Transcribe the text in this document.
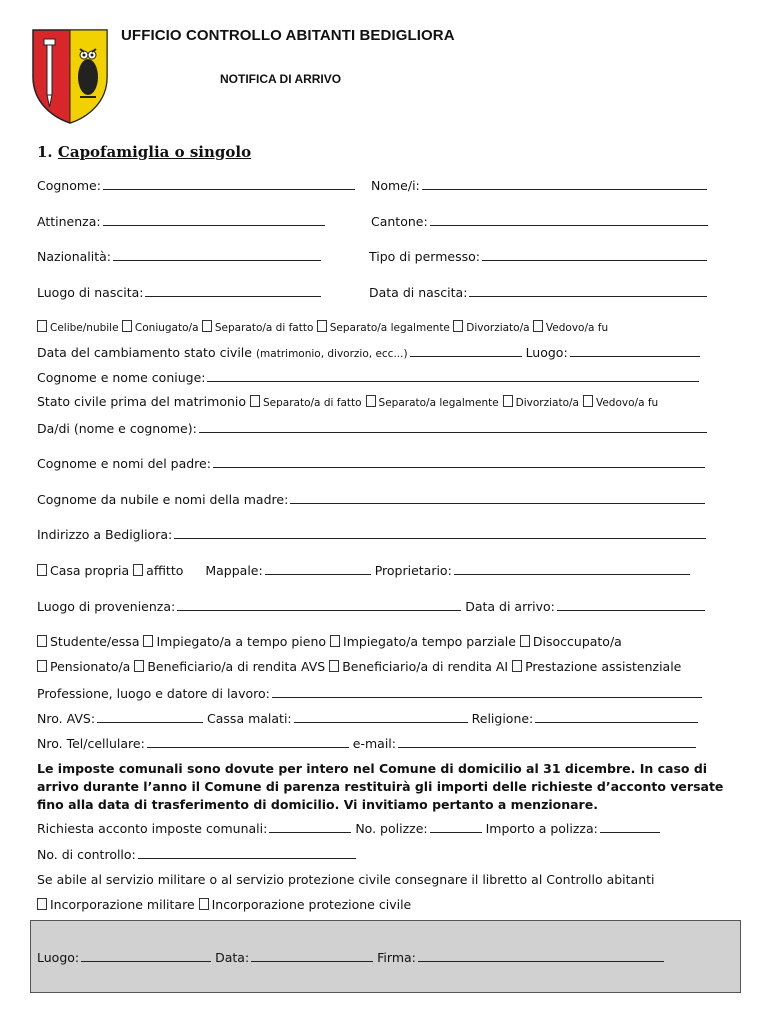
UFFICIO CONTROLLO ABITANTI BEDIGLIORA
NOTIFICA DI ARRIVO
1. Capofamiglia o singolo
Cognome:	Nome/i:
Attinenza:	Cantone:
Nazionalità:	Tipo di permesso:
Luogo di nascita:	Data di nascita:
Celibe/nubile Coniugato/a Separato/a di fatto Separato/a legalmente Divorziato/a Vedovo/a fu
Data del cambiamento stato civile (matrimonio, divorzio, ecc...)	Luogo:
Cognome e nome coniuge:
Stato civile prima del matrimonio Separato/a di fatto Separato/a legalmente Divorziato/a Vedovo/a fu
Da/di (nome e cognome):
Cognome e nomi del padre:
Cognome da nubile e nomi della madre:
Indirizzo a Bedigliora:
Casa propria affitto Mappale:	Proprietario:
Luogo di provenienza:	Data di arrivo:
Studente/essa Impiegato/a a tempo pieno Impiegato/a tempo parziale Disoccupato/a
Pensionato/a Beneficiario/a di rendita AVS Beneficiario/a di rendita AI Prestazione assistenziale
Professione, luogo e datore di lavoro:
Nro. AVS:	Cassa malati:	Religione:
Nro. Tel/cellulare:	e-mail:
Le imposte comunali sono dovute per intero nel Comune di domicilio al 31 dicembre. In caso di arrivo durante l’anno il Comune di parenza restituirà gli importi delle richieste d’acconto versate fino alla data di trasferimento di domicilio. Vi invitiamo pertanto a menzionare.
Richiesta acconto imposte comunali:	No. polizze:	Importo a polizza:
No. di controllo:
Se abile al servizio militare o al servizio protezione civile consegnare il libretto al Controllo abitanti
Incorporazione militare Incorporazione protezione civile
Luogo:	Data:	Firma:
